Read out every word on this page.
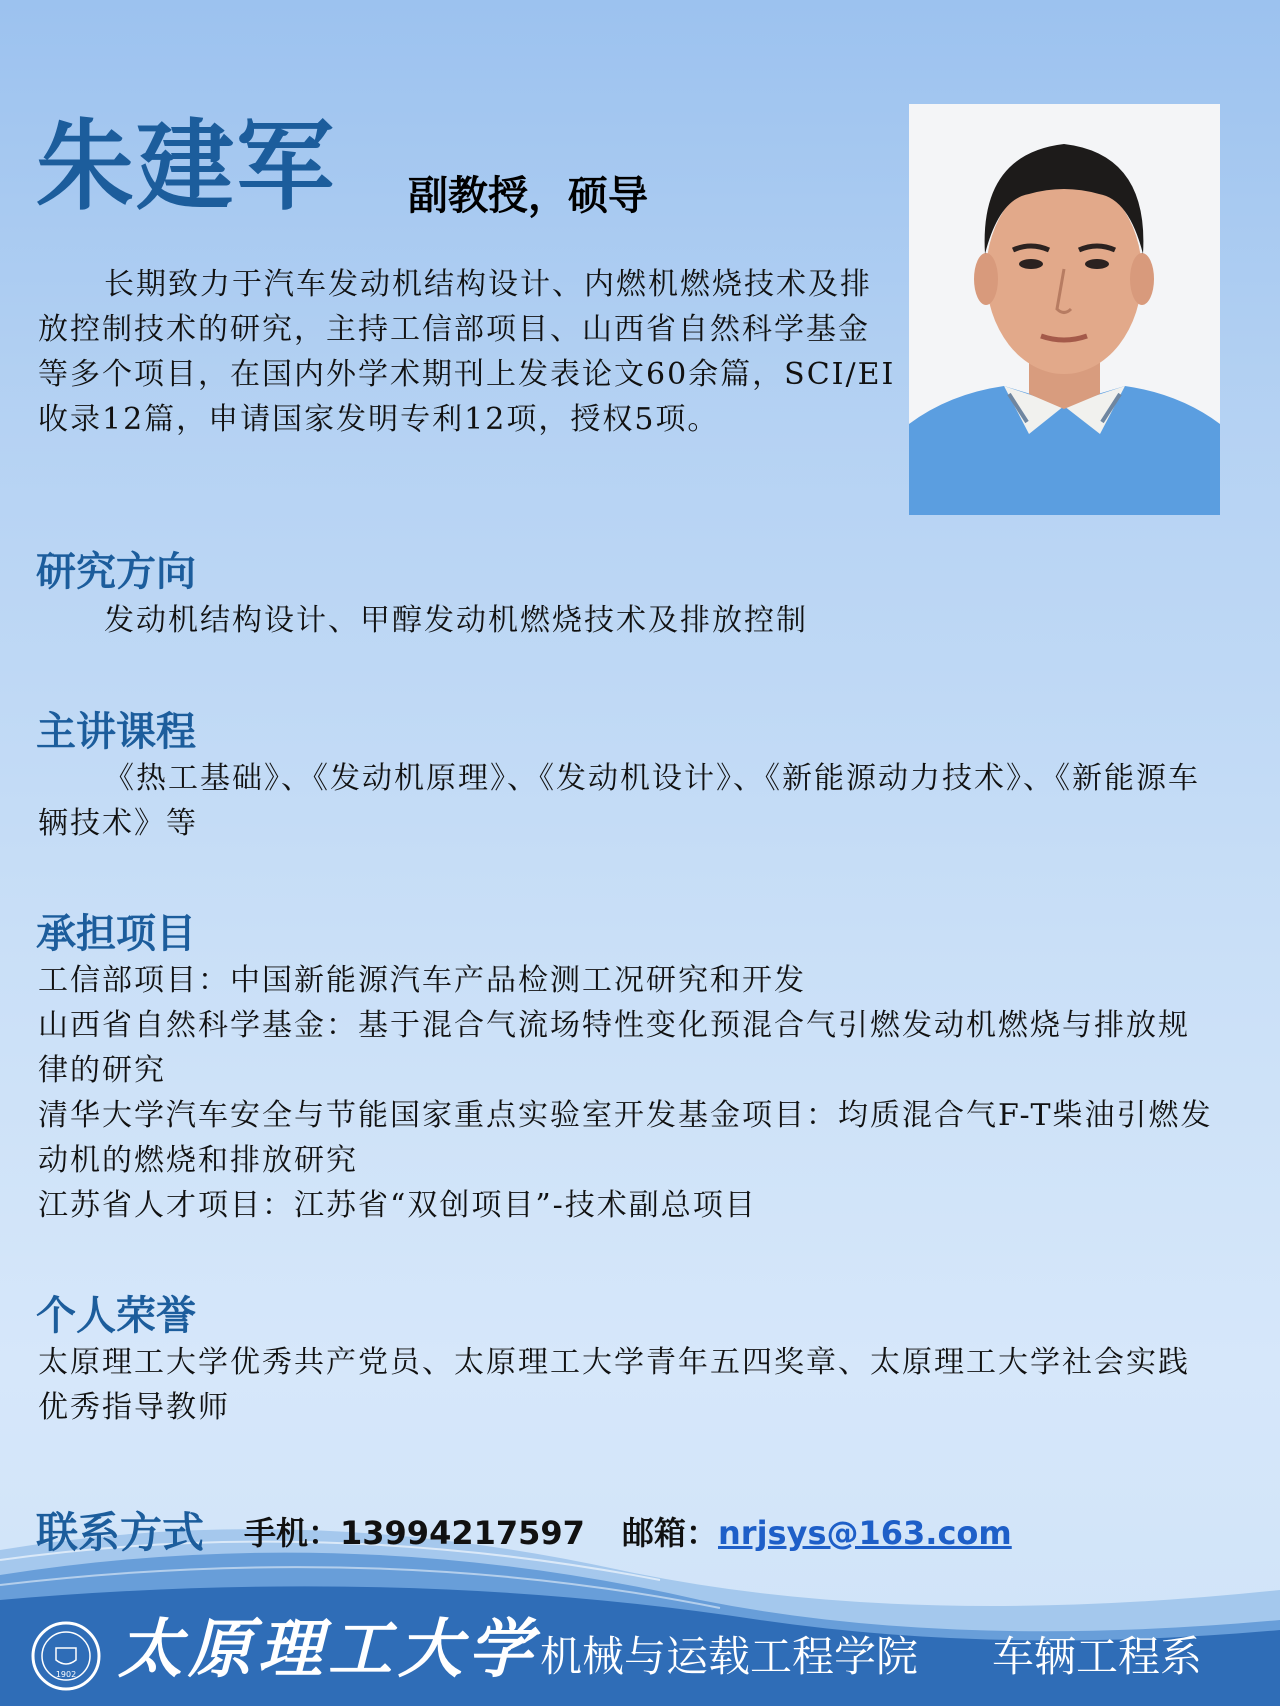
朱建军 副教授，硕导
长期致力于汽车发动机结构设计、内燃机燃烧技术及排放控制技术的研究，主持工信部项目、山西省自然科学基金等多个项目，在国内外学术期刊上发表论文60余篇，SCI/EI收录12篇，申请国家发明专利12项，授权5项。
研究方向
发动机结构设计、甲醇发动机燃烧技术及排放控制
主讲课程
《热工基础》、《发动机原理》、《发动机设计》、《新能源动力技术》、《新能源车辆技术》等
承担项目
工信部项目：中国新能源汽车产品检测工况研究和开发
山西省自然科学基金：基于混合气流场特性变化预混合气引燃发动机燃烧与排放规律的研究
清华大学汽车安全与节能国家重点实验室开发基金项目：均质混合气F-T柴油引燃发动机的燃烧和排放研究
江苏省人才项目：江苏省“双创项目”-技术副总项目
个人荣誉
太原理工大学优秀共产党员、太原理工大学青年五四奖章、太原理工大学社会实践优秀指导教师
联系方式 手机：13994217597 邮箱：nrjsys@163.com
1902 太原理工大学 机械与运载工程学院 车辆工程系
